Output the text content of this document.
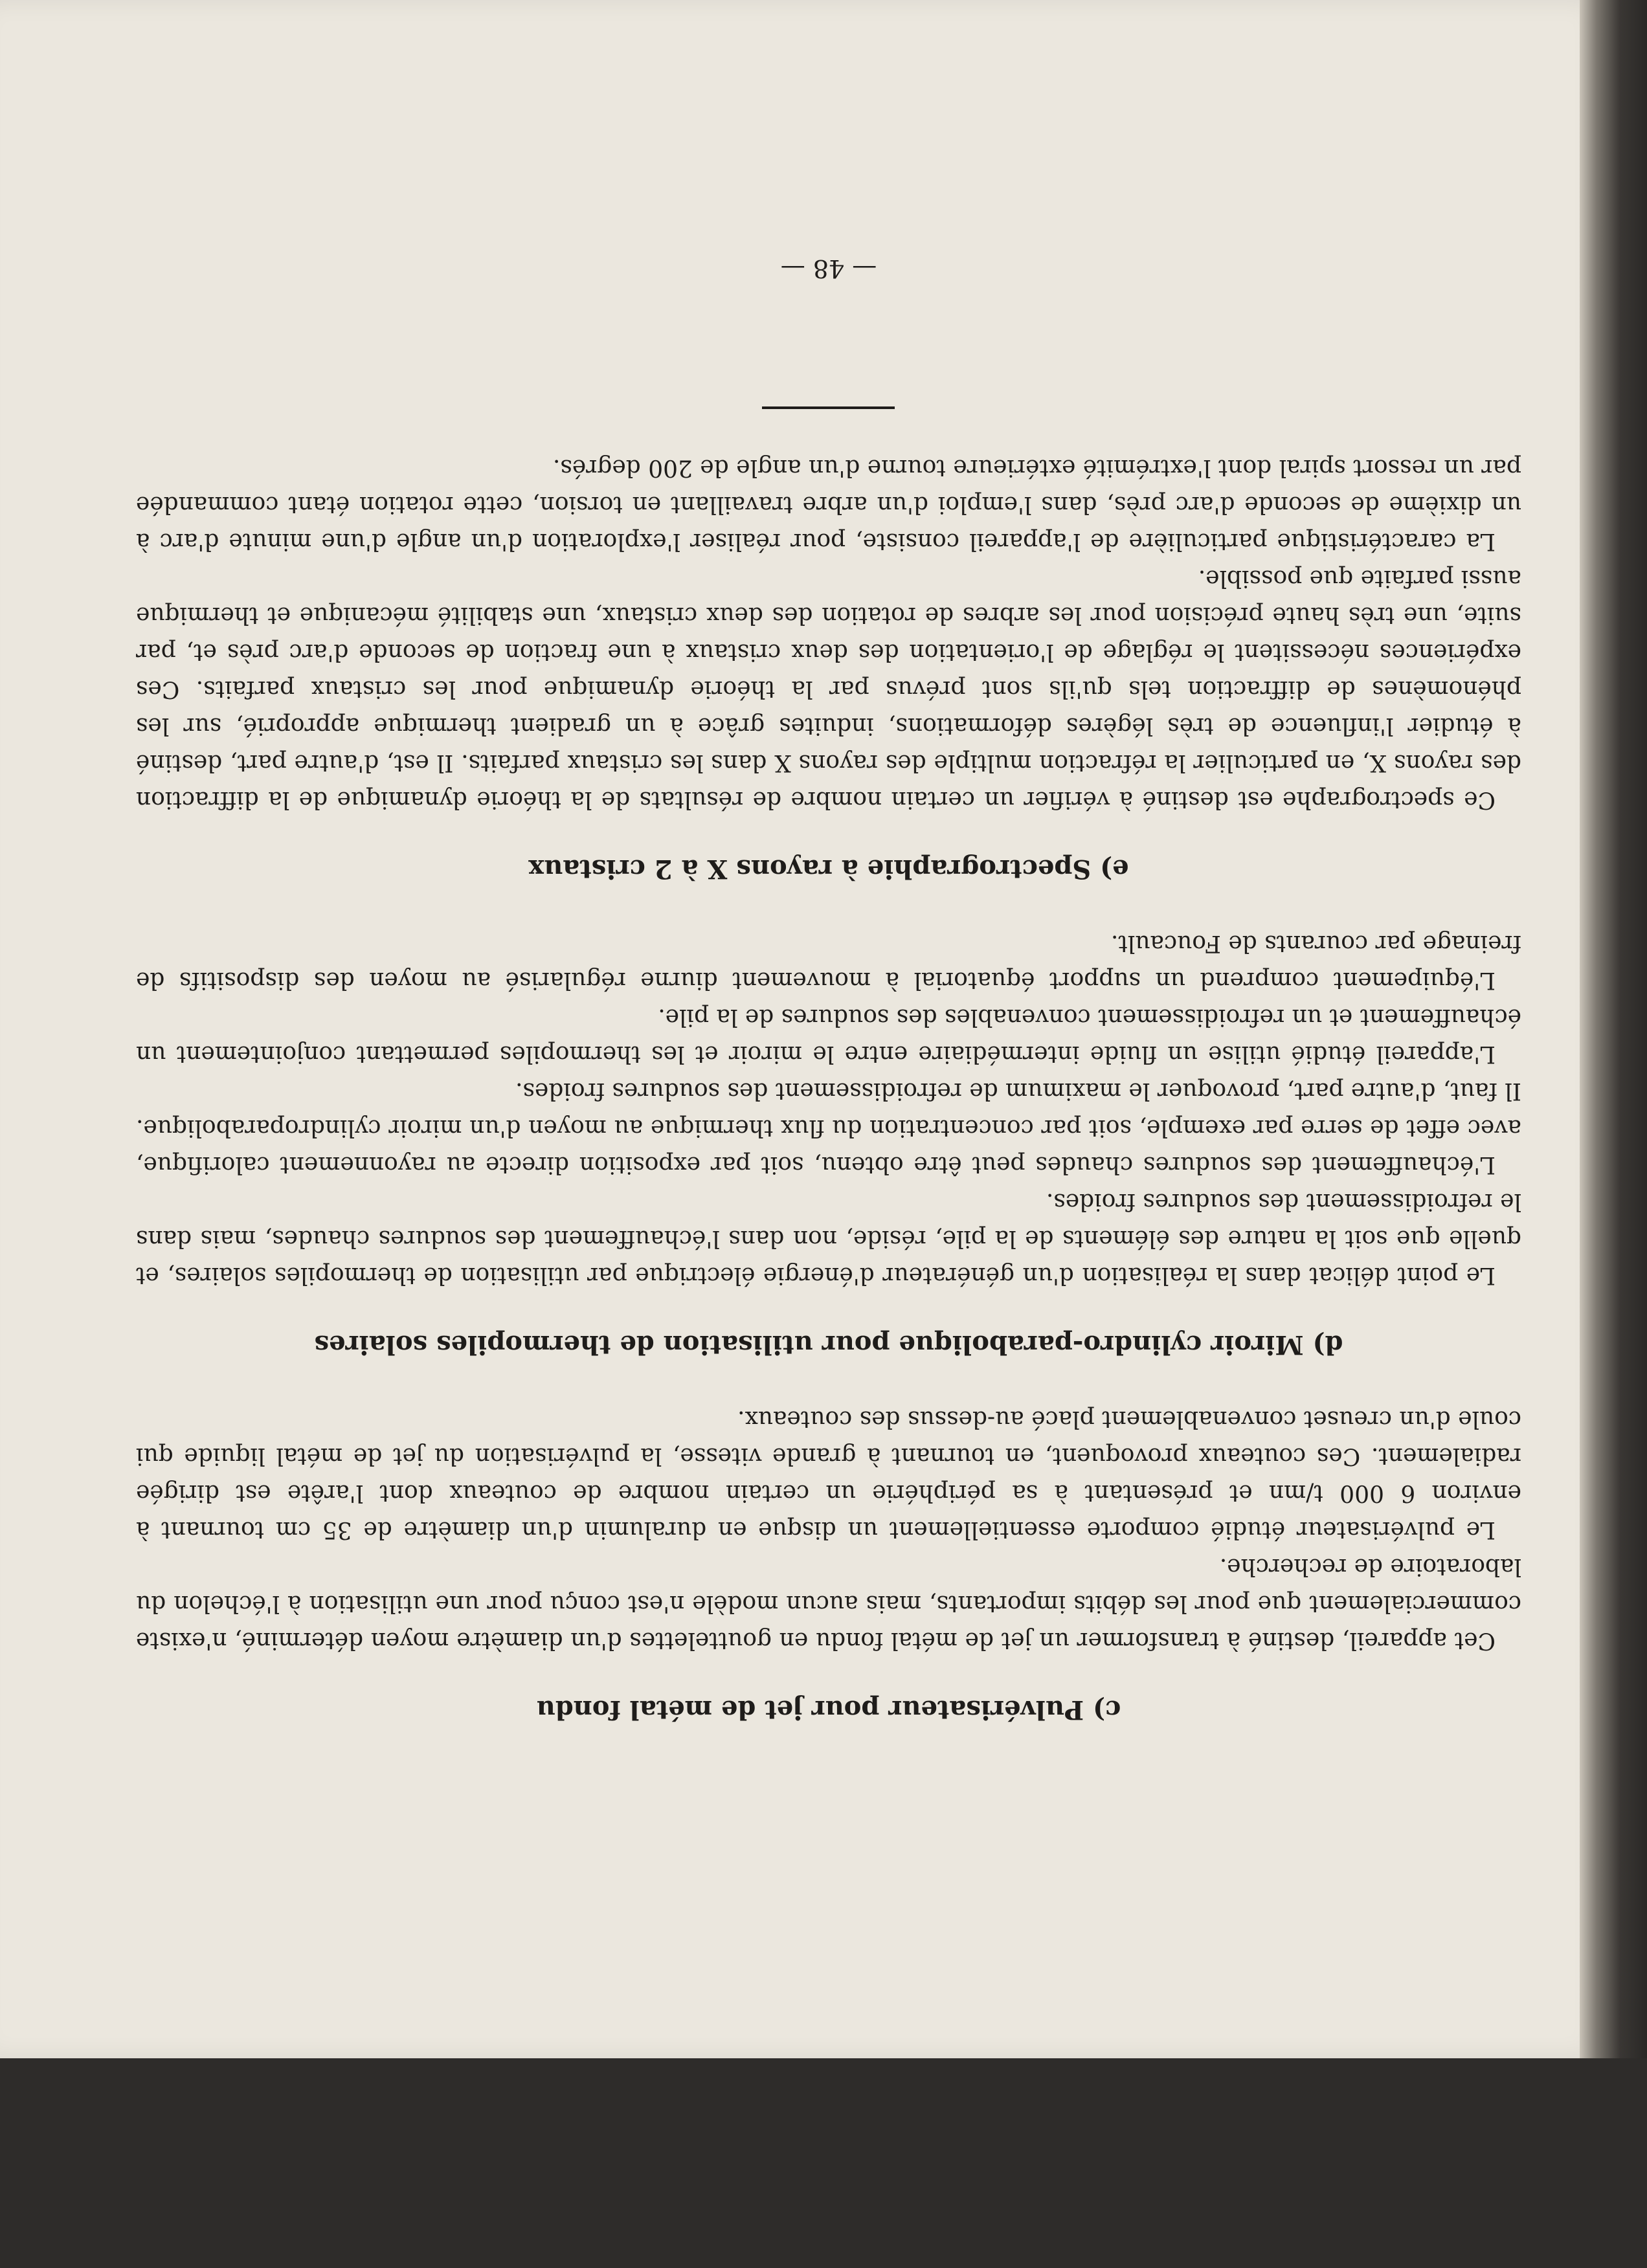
c) Pulvérisateur pour jet de métal fondu

Cet appareil, destiné à transformer un jet de métal fondu en gouttelettes d'un diamètre moyen déterminé, n'existe commercialement que pour les débits importants, mais aucun modèle n'est conçu pour une utilisation à l'échelon du laboratoire de recherche.

Le pulvérisateur étudié comporte essentiellement un disque en duralumin d'un diamètre de 35 cm tournant à environ 6 000 t/mn et présentant à sa périphérie un certain nombre de couteaux dont l'arête est dirigée radialement. Ces couteaux provoquent, en tournant à grande vitesse, la pulvérisation du jet de métal liquide qui coule d'un creuset convenablement placé au-dessus des couteaux.

d) Miroir cylindro-parabolique pour utilisation de thermopiles solaires

Le point délicat dans la réalisation d'un générateur d'énergie électrique par utilisation de thermopiles solaires, et quelle que soit la nature des éléments de la pile, réside, non dans l'échauffement des soudures chaudes, mais dans le refroidissement des soudures froides.

L'échauffement des soudures chaudes peut être obtenu, soit par exposition directe au rayonnement calorifique, avec effet de serre par exemple, soit par concentration du flux thermique au moyen d'un miroir cylindroparabolique. Il faut, d'autre part, provoquer le maximum de refroidissement des soudures froides.

L'appareil étudié utilise un fluide intermédiaire entre le miroir et les thermopiles permettant conjointement un échauffement et un refroidissement convenables des soudures de la pile.

L'équipement comprend un support équatorial à mouvement diurne régularisé au moyen des dispositifs de freinage par courants de Foucault.

e) Spectrographie à rayons X à 2 cristaux

Ce spectrographe est destiné à vérifier un certain nombre de résultats de la théorie dynamique de la diffraction des rayons X, en particulier la réfraction multiple des rayons X dans les cristaux parfaits. Il est, d'autre part, destiné à étudier l'influence de très légères déformations, induites grâce à un gradient thermique approprié, sur les phénomènes de diffraction tels qu'ils sont prévus par la théorie dynamique pour les cristaux parfaits. Ces expériences nécessitent le réglage de l'orientation des deux cristaux à une fraction de seconde d'arc près et, par suite, une très haute précision pour les arbres de rotation des deux cristaux, une stabilité mécanique et thermique aussi parfaite que possible.

La caractéristique particulière de l'appareil consiste, pour réaliser l'exploration d'un angle d'une minute d'arc à un dixième de seconde d'arc près, dans l'emploi d'un arbre travaillant en torsion, cette rotation étant commandée par un ressort spiral dont l'extrémité extérieure tourne d'un angle de 200 degrés.

— 48 —
